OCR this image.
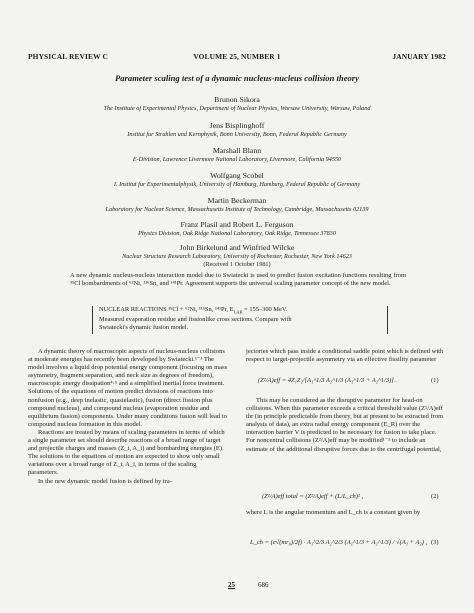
PHYSICAL REVIEW C	VOLUME 25, NUMBER 1	JANUARY 1982
Parameter scaling test of a dynamic nucleus-nucleus collision theory
Brunon Sikora
The Institute of Experimental Physics, Department of Nuclear Physics, Warsaw University, Warsaw, Poland
Jens Bisplinghoff
Institut fur Strahlen und Kernphysik, Bonn University, Bonn, Federal Republic Germany
Marshall Blann
E-Division, Lawrence Livermore National Laboratory, Livermore, California 94550
Wolfgang Scobel
I. Institut fur Experimentalphysik, University of Hamburg, Hamburg, Federal Republic of Germany
Martin Beckerman
Laboratory for Nuclear Science, Massachusetts Institute of Technology, Cambridge, Massachusetts 02139
Franz Plasil and Robert L. Ferguson
Physics Division, Oak Ridge National Laboratory, Oak Ridge, Tennessee 37830
John Birkelund and Winfried Wilcke
Nuclear Structure Research Laboratory, University of Rochester, Rochester, New York 14623
(Received 1 October 1981)
A new dynamic nucleus-nucleus interaction model due to Swiatecki is used to predict fusion excitation functions resulting from ³⁵Cl bombardments of ⁶²Ni, ¹¹⁶Sn, and ¹⁴¹Pr. Agreement supports the universal scaling parameter concept of the new model.
NUCLEAR REACTIONS ³⁵Cl + ⁶²Ni, ¹¹⁶Sn, ¹⁴¹Pr, $E_{LAB} = 155-300$ MeV.
Measured evaporation residue and fissionlike cross sections. Compare with
Swiatecki's dynamic fusion model.

A dynamic theory of macroscopic aspects of nucleus-nucleus collisions at moderate energies has recently been developed by Swiatecki.¹⁻³ The model involves a liquid drop potential energy component (focusing on mass asymmetry, fragment separation, and neck size as degrees of freedom), macroscopic energy dissipation⁴·⁵ and a simplified inertial force treatment. Solutions of the equations of motion predict divisions of reactions into nonfusion (e.g., deep inelastic, quasielastic), fusion (direct fission plus compound nucleus), and compound nucleus (evaporation residue and equilibrium fission) components. Under many conditions fusion will lead to compound nucleus formation in this model.

Reactions are treated by means of scaling parameters in terms of which a single parameter set should describe reactions of a broad range of target and projectile charges and masses (Z_i, A_i) and bombarding energies (E). The solutions to the equations of motion are expected to show only small variations over a broad range of Z_i, A_i, in terms of the scaling parameters.

In the new dynamic model fusion is defined by tra-

jectories which pass inside a conditional saddle point which is defined with respect to target-projectile asymmetry via an effective fissility parameter

(Z²/A)eff = 4Z₁Z₂/[A₁^1/3 A₂^1/3 (A₁^1/3 + A₂^1/3)] .	(1)

This may be considered as the disruptive parameter for head-on collisions. When this parameter exceeds a critical threshold value (Z²/A)eff thr (in principle predictable from theory, but at present to be extracted from analysis of data), an extra radial energy component (E_R) over the interaction barrier V is predicted to be necessary for fusion to take place. For noncentral collisions (Z²/A)eff may be modified¹⁻³ to include an estimate of the additional disruptive forces due to the centrifugal potential,

(Z²/A)eff total = (Z²/A)eff + (L/L_ch)² ,	(2)

where L is the angular momentum and L_ch is a constant given by

L_ch = (e√(mr₀)/2f) · A₁^2/3 A₂^2/3 (A₁^1/3 + A₂^1/3) / √(A₁ + A₂) , (3)
25	686
